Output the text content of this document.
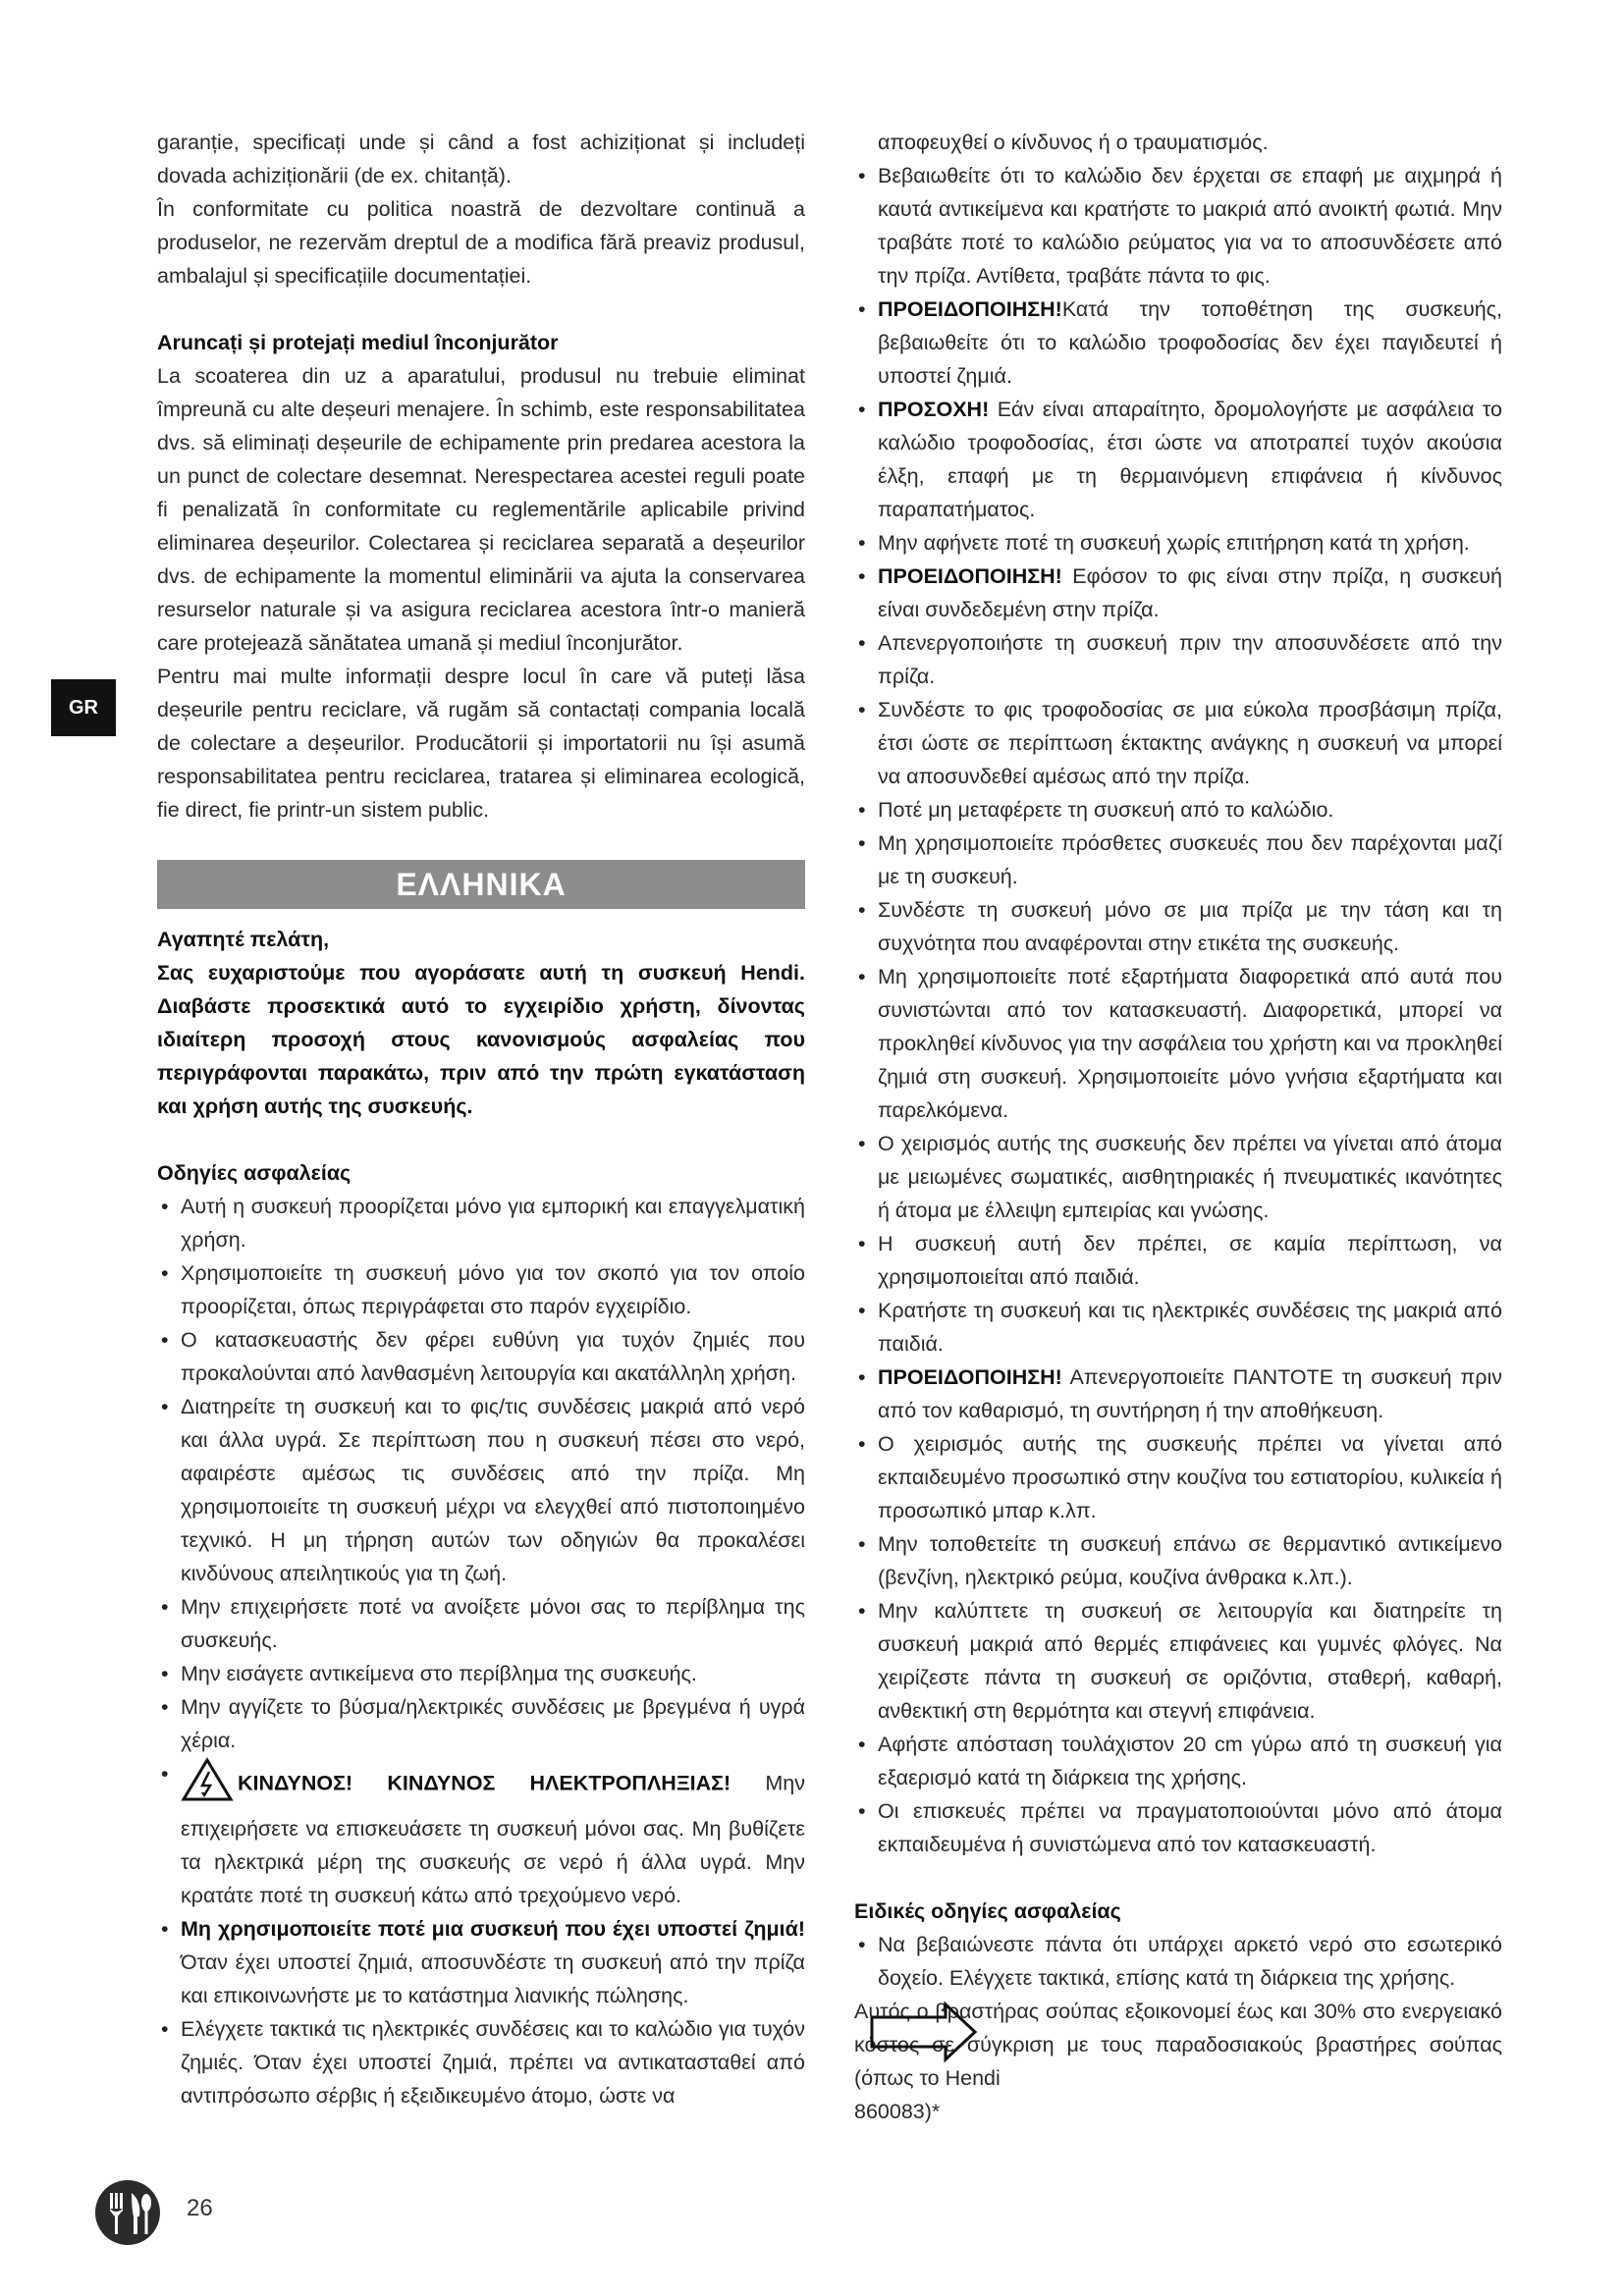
GR

garanție, specificați unde și când a fost achiziționat și includeți dovada achiziționării (de ex. chitanță).

În conformitate cu politica noastră de dezvoltare continuă a produselor, ne rezervăm dreptul de a modifica fără preaviz produsul, ambalajul și specificațiile documentației.

Aruncați și protejați mediul înconjurător

La scoaterea din uz a aparatului, produsul nu trebuie eliminat împreună cu alte deșeuri menajere. În schimb, este responsabilitatea dvs. să eliminați deșeurile de echipamente prin predarea acestora la un punct de colectare desemnat. Nerespectarea acestei reguli poate fi penalizată în conformitate cu reglementările aplicabile privind eliminarea deșeurilor. Colectarea și reciclarea separată a deșeurilor dvs. de echipamente la momentul eliminării va ajuta la conservarea resurselor naturale și va asigura reciclarea acestora într-o manieră care protejează sănătatea umană și mediul înconjurător.

Pentru mai multe informații despre locul în care vă puteți lăsa deșeurile pentru reciclare, vă rugăm să contactați compania locală de colectare a deșeurilor. Producătorii și importatorii nu își asumă responsabilitatea pentru reciclarea, tratarea și eliminarea ecologică, fie direct, fie printr-un sistem public.

ΕΛΛΗΝΙΚΑ

Αγαπητέ πελάτη,

Σας ευχαριστούμε που αγοράσατε αυτή τη συσκευή Hendi. Διαβάστε προσεκτικά αυτό το εγχειρίδιο χρήστη, δίνοντας ιδιαίτερη προσοχή στους κανονισμούς ασφαλείας που περιγράφονται παρακάτω, πριν από την πρώτη εγκατάσταση και χρήση αυτής της συσκευής.

Οδηγίες ασφαλείας

• Αυτή η συσκευή προορίζεται μόνο για εμπορική και επαγγελματική χρήση.
• Χρησιμοποιείτε τη συσκευή μόνο για τον σκοπό για τον οποίο προορίζεται, όπως περιγράφεται στο παρόν εγχειρίδιο.
• Ο κατασκευαστής δεν φέρει ευθύνη για τυχόν ζημιές που προκαλούνται από λανθασμένη λειτουργία και ακατάλληλη χρήση.
• Διατηρείτε τη συσκευή και το φις/τις συνδέσεις μακριά από νερό και άλλα υγρά. Σε περίπτωση που η συσκευή πέσει στο νερό, αφαιρέστε αμέσως τις συνδέσεις από την πρίζα. Μη χρησιμοποιείτε τη συσκευή μέχρι να ελεγχθεί από πιστοποιημένο τεχνικό. Η μη τήρηση αυτών των οδηγιών θα προκαλέσει κινδύνους απειλητικούς για τη ζωή.
• Μην επιχειρήσετε ποτέ να ανοίξετε μόνοι σας το περίβλημα της συσκευής.
• Μην εισάγετε αντικείμενα στο περίβλημα της συσκευής.
• Μην αγγίζετε το βύσμα/ηλεκτρικές συνδέσεις με βρεγμένα ή υγρά χέρια.
• ΚΙΝΔΥΝΟΣ! ΚΙΝΔΥΝΟΣ ΗΛΕΚΤΡΟΠΛΗΞΙΑΣ! Μην επιχειρήσετε να επισκευάσετε τη συσκευή μόνοι σας. Μη βυθίζετε τα ηλεκτρικά μέρη της συσκευής σε νερό ή άλλα υγρά. Μην κρατάτε ποτέ τη συσκευή κάτω από τρεχούμενο νερό.
• Μη χρησιμοποιείτε ποτέ μια συσκευή που έχει υποστεί ζημιά! Όταν έχει υποστεί ζημιά, αποσυνδέστε τη συσκευή από την πρίζα και επικοινωνήστε με το κατάστημα λιανικής πώλησης.
• Ελέγχετε τακτικά τις ηλεκτρικές συνδέσεις και το καλώδιο για τυχόν ζημιές. Όταν έχει υποστεί ζημιά, πρέπει να αντικατασταθεί από αντιπρόσωπο σέρβις ή εξειδικευμένο άτομο, ώστε να

αποφευχθεί ο κίνδυνος ή ο τραυματισμός.

• Βεβαιωθείτε ότι το καλώδιο δεν έρχεται σε επαφή με αιχμηρά ή καυτά αντικείμενα και κρατήστε το μακριά από ανοικτή φωτιά. Μην τραβάτε ποτέ το καλώδιο ρεύματος για να το αποσυνδέσετε από την πρίζα. Αντίθετα, τραβάτε πάντα το φις.
• ΠΡΟΕΙΔΟΠΟΙΗΣΗ!Κατά την τοποθέτηση της συσκευής, βεβαιωθείτε ότι το καλώδιο τροφοδοσίας δεν έχει παγιδευτεί ή υποστεί ζημιά.
• ΠΡΟΣΟΧΗ! Εάν είναι απαραίτητο, δρομολογήστε με ασφάλεια το καλώδιο τροφοδοσίας, έτσι ώστε να αποτραπεί τυχόν ακούσια έλξη, επαφή με τη θερμαινόμενη επιφάνεια ή κίνδυνος παραπατήματος.
• Μην αφήνετε ποτέ τη συσκευή χωρίς επιτήρηση κατά τη χρήση.
• ΠΡΟΕΙΔΟΠΟΙΗΣΗ! Εφόσον το φις είναι στην πρίζα, η συσκευή είναι συνδεδεμένη στην πρίζα.
• Απενεργοποιήστε τη συσκευή πριν την αποσυνδέσετε από την πρίζα.
• Συνδέστε το φις τροφοδοσίας σε μια εύκολα προσβάσιμη πρίζα, έτσι ώστε σε περίπτωση έκτακτης ανάγκης η συσκευή να μπορεί να αποσυνδεθεί αμέσως από την πρίζα.
• Ποτέ μη μεταφέρετε τη συσκευή από το καλώδιο.
• Μη χρησιμοποιείτε πρόσθετες συσκευές που δεν παρέχονται μαζί με τη συσκευή.
• Συνδέστε τη συσκευή μόνο σε μια πρίζα με την τάση και τη συχνότητα που αναφέρονται στην ετικέτα της συσκευής.
• Μη χρησιμοποιείτε ποτέ εξαρτήματα διαφορετικά από αυτά που συνιστώνται από τον κατασκευαστή. Διαφορετικά, μπορεί να προκληθεί κίνδυνος για την ασφάλεια του χρήστη και να προκληθεί ζημιά στη συσκευή. Χρησιμοποιείτε μόνο γνήσια εξαρτήματα και παρελκόμενα.
• Ο χειρισμός αυτής της συσκευής δεν πρέπει να γίνεται από άτομα με μειωμένες σωματικές, αισθητηριακές ή πνευματικές ικανότητες ή άτομα με έλλειψη εμπειρίας και γνώσης.
• Η συσκευή αυτή δεν πρέπει, σε καμία περίπτωση, να χρησιμοποιείται από παιδιά.
• Κρατήστε τη συσκευή και τις ηλεκτρικές συνδέσεις της μακριά από παιδιά.
• ΠΡΟΕΙΔΟΠΟΙΗΣΗ! Απενεργοποιείτε ΠΑΝΤΟΤΕ τη συσκευή πριν από τον καθαρισμό, τη συντήρηση ή την αποθήκευση.
• Ο χειρισμός αυτής της συσκευής πρέπει να γίνεται από εκπαιδευμένο προσωπικό στην κουζίνα του εστιατορίου, κυλικεία ή προσωπικό μπαρ κ.λπ.
• Μην τοποθετείτε τη συσκευή επάνω σε θερμαντικό αντικείμενο (βενζίνη, ηλεκτρικό ρεύμα, κουζίνα άνθρακα κ.λπ.).
• Μην καλύπτετε τη συσκευή σε λειτουργία και διατηρείτε τη συσκευή μακριά από θερμές επιφάνειες και γυμνές φλόγες. Να χειρίζεστε πάντα τη συσκευή σε οριζόντια, σταθερή, καθαρή, ανθεκτική στη θερμότητα και στεγνή επιφάνεια.
• Αφήστε απόσταση τουλάχιστον 20 cm γύρω από τη συσκευή για εξαερισμό κατά τη διάρκεια της χρήσης.
• Οι επισκευές πρέπει να πραγματοποιούνται μόνο από άτομα εκπαιδευμένα ή συνιστώμενα από τον κατασκευαστή.

Ειδικές οδηγίες ασφαλείας

• Να βεβαιώνεστε πάντα ότι υπάρχει αρκετό νερό στο εσωτερικό δοχείο. Ελέγχετε τακτικά, επίσης κατά τη διάρκεια της χρήσης.

Αυτός ο βραστήρας σούπας εξοικονομεί έως και 30% στο ενεργειακό κόστος σε σύγκριση με τους παραδοσιακούς βραστήρες σούπας (όπως το Hendi

860083)*

26
